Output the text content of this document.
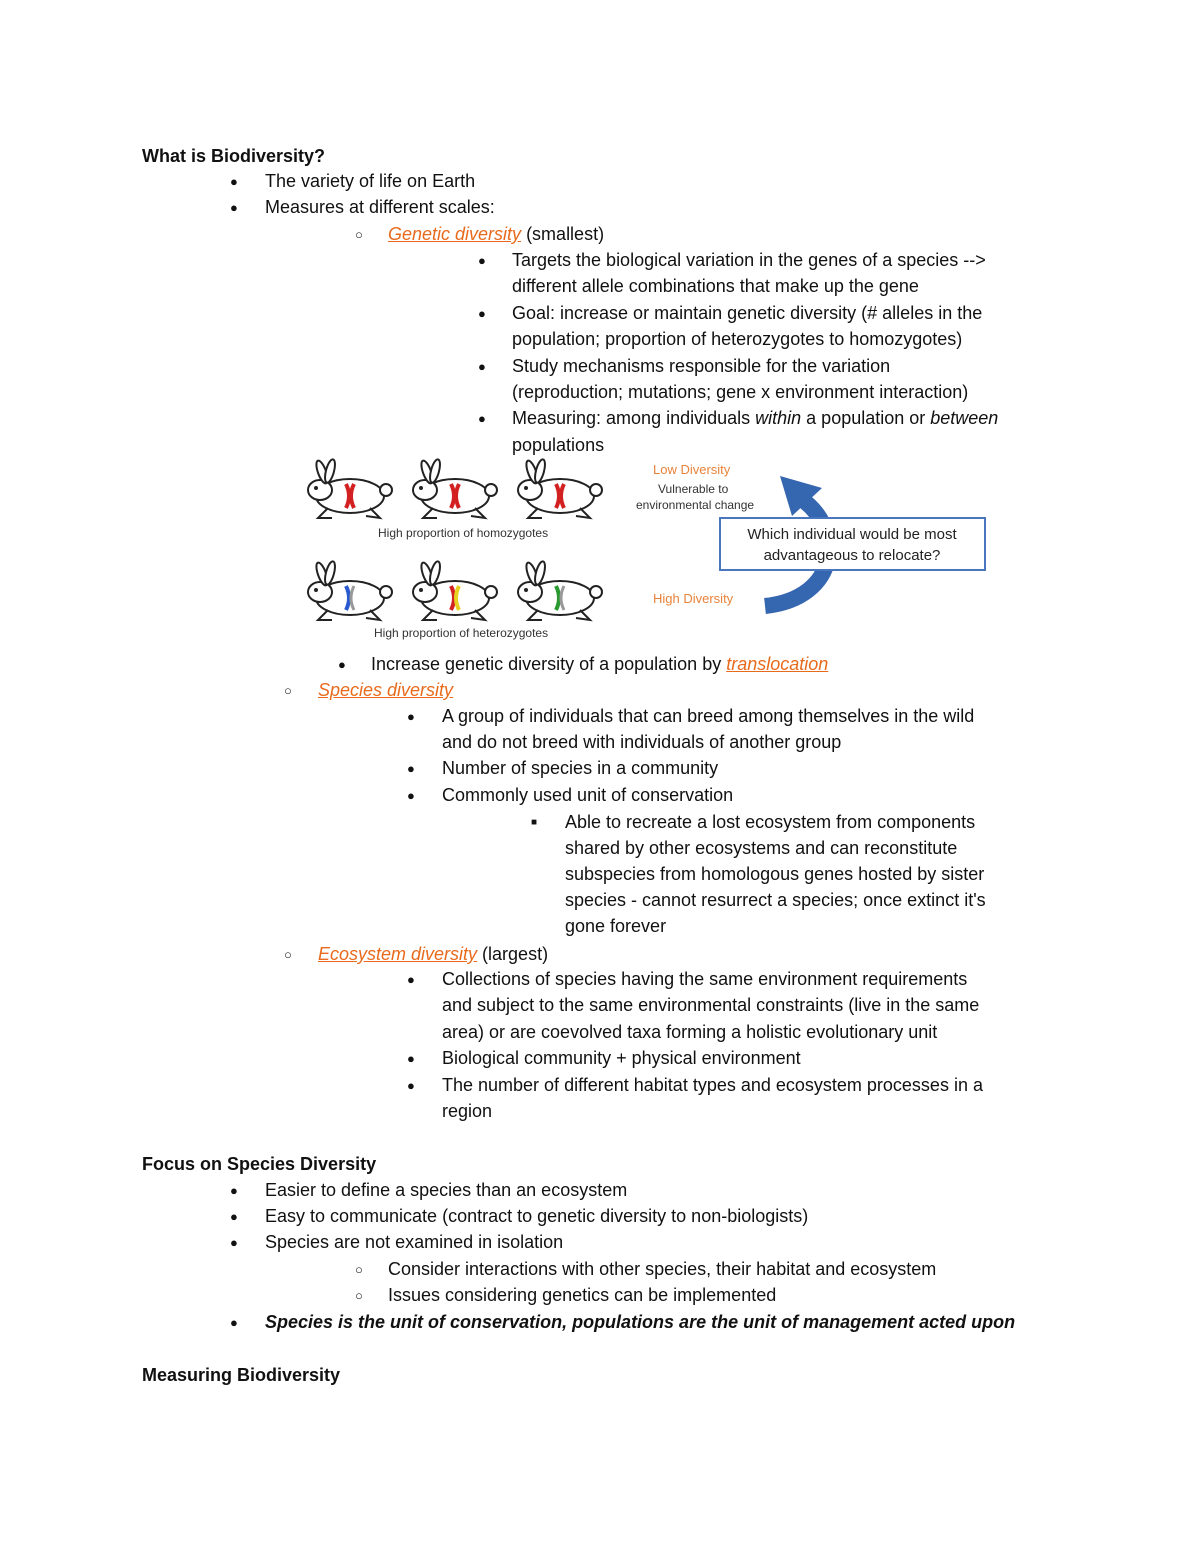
What is Biodiversity?
● The variety of life on Earth
● Measures at different scales:
○ Genetic diversity (smallest)
● Targets the biological variation in the genes of a species -->
different allele combinations that make up the gene
● Goal: increase or maintain genetic diversity (# alleles in the
population; proportion of heterozygotes to homozygotes)
● Study mechanisms responsible for the variation
(reproduction; mutations; gene x environment interaction)
● Measuring: among individuals within a population or between
populations
High proportion of homozygotes
High proportion of heterozygotes
Low Diversity
Vulnerable to
environmental change
High Diversity
Which individual would be most
advantageous to relocate?
● Increase genetic diversity of a population by translocation
○ Species diversity
● A group of individuals that can breed among themselves in the wild
and do not breed with individuals of another group
● Number of species in a community
● Commonly used unit of conservation
■ Able to recreate a lost ecosystem from components
shared by other ecosystems and can reconstitute
subspecies from homologous genes hosted by sister
species - cannot resurrect a species; once extinct it's
gone forever
○ Ecosystem diversity (largest)
● Collections of species having the same environment requirements
and subject to the same environmental constraints (live in the same
area) or are coevolved taxa forming a holistic evolutionary unit
● Biological community + physical environment
● The number of different habitat types and ecosystem processes in a
region
Focus on Species Diversity
● Easier to define a species than an ecosystem
● Easy to communicate (contract to genetic diversity to non-biologists)
● Species are not examined in isolation
○ Consider interactions with other species, their habitat and ecosystem
○ Issues considering genetics can be implemented
● Species is the unit of conservation, populations are the unit of management acted upon
Measuring Biodiversity
